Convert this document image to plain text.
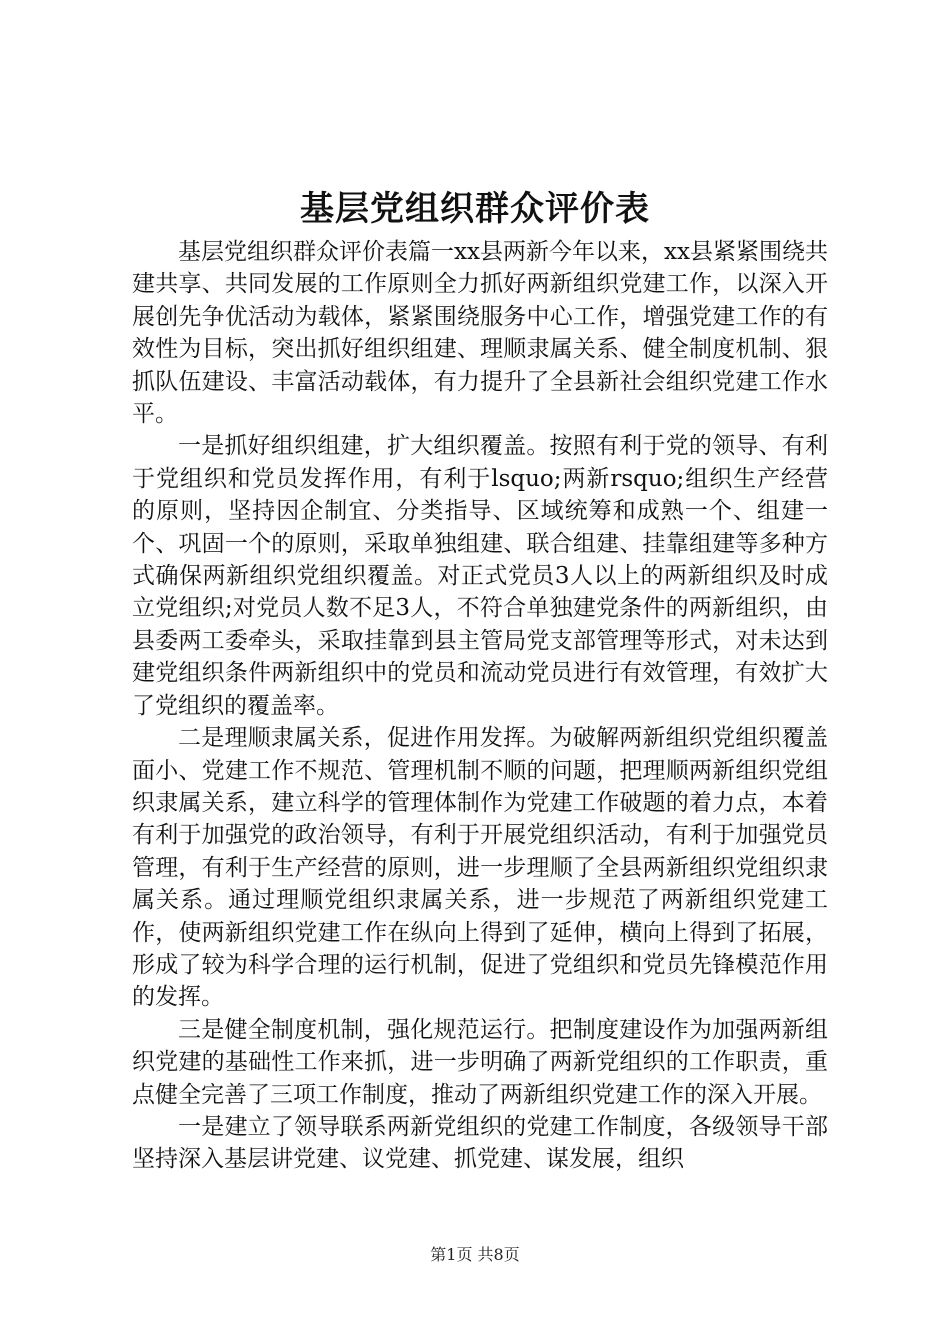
基层党组织群众评价表

基层党组织群众评价表篇一xx县两新今年以来，xx县紧紧围绕共建共享、共同发展的工作原则全力抓好两新组织党建工作，以深入开展创先争优活动为载体，紧紧围绕服务中心工作，增强党建工作的有效性为目标，突出抓好组织组建、理顺隶属关系、健全制度机制、狠抓队伍建设、丰富活动载体，有力提升了全县新社会组织党建工作水平。

一是抓好组织组建，扩大组织覆盖。按照有利于党的领导、有利于党组织和党员发挥作用，有利于lsquo;两新rsquo;组织生产经营的原则，坚持因企制宜、分类指导、区域统筹和成熟一个、组建一个、巩固一个的原则，采取单独组建、联合组建、挂靠组建等多种方式确保两新组织党组织覆盖。对正式党员3人以上的两新组织及时成立党组织;对党员人数不足3人，不符合单独建党条件的两新组织，由县委两工委牵头，采取挂靠到县主管局党支部管理等形式，对未达到建党组织条件两新组织中的党员和流动党员进行有效管理，有效扩大了党组织的覆盖率。

二是理顺隶属关系，促进作用发挥。为破解两新组织党组织覆盖面小、党建工作不规范、管理机制不顺的问题，把理顺两新组织党组织隶属关系，建立科学的管理体制作为党建工作破题的着力点，本着有利于加强党的政治领导，有利于开展党组织活动，有利于加强党员管理，有利于生产经营的原则，进一步理顺了全县两新组织党组织隶属关系。通过理顺党组织隶属关系，进一步规范了两新组织党建工作，使两新组织党建工作在纵向上得到了延伸，横向上得到了拓展，形成了较为科学合理的运行机制，促进了党组织和党员先锋模范作用的发挥。

三是健全制度机制，强化规范运行。把制度建设作为加强两新组织党建的基础性工作来抓，进一步明确了两新党组织的工作职责，重点健全完善了三项工作制度，推动了两新组织党建工作的深入开展。

一是建立了领导联系两新党组织的党建工作制度，各级领导干部坚持深入基层讲党建、议党建、抓党建、谋发展，组织

第1页 共8页
